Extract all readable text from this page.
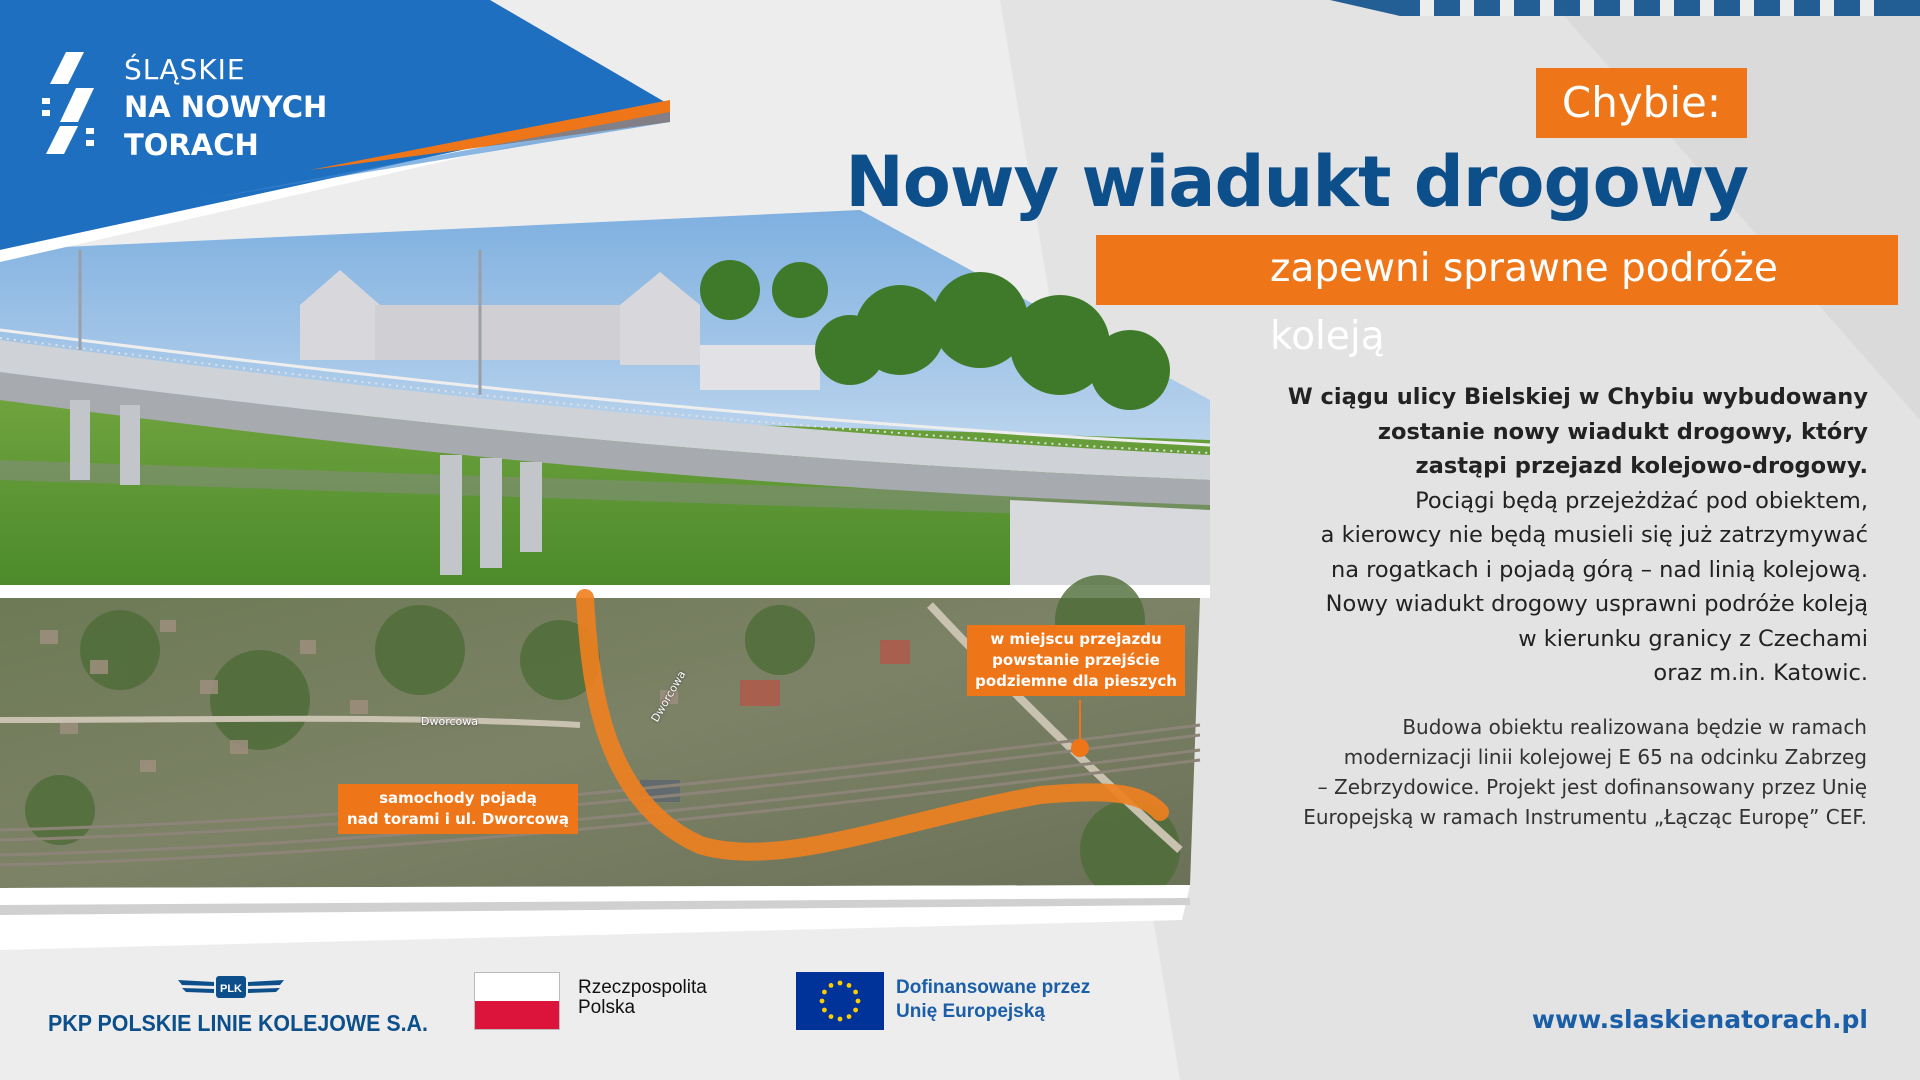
ŚLĄSKIE
NA NOWYCH
TORACH
Chybie:
Nowy wiadukt drogowy
zapewni sprawne podróże koleją
W ciągu ulicy Bielskiej w Chybiu wybudowany
zostanie nowy wiadukt drogowy, który
zastąpi przejazd kolejowo-drogowy.
Pociągi będą przejeżdżać pod obiektem,
a kierowcy nie będą musieli się już zatrzymywać
na rogatkach i pojadą górą – nad linią kolejową.
Nowy wiadukt drogowy usprawni podróże koleją
w kierunku granicy z Czechami
oraz m.in. Katowic.
Budowa obiektu realizowana będzie w ramach
modernizacji linii kolejowej E 65 na odcinku Zabrzeg
– Zebrzydowice. Projekt jest dofinansowany przez Unię
Europejską w ramach Instrumentu „Łącząc Europę” CEF.
w miejscu przejazdu
powstanie przejście
podziemne dla pieszych
samochody pojadą
nad torami i ul. Dworcową
Dworcowa	Dworcowa
PLK
PKP POLSKIE LINIE KOLEJOWE S.A.
Rzeczpospolita
Polska
Dofinansowane przez
Unię Europejską	www.slaskienatorach.pl
